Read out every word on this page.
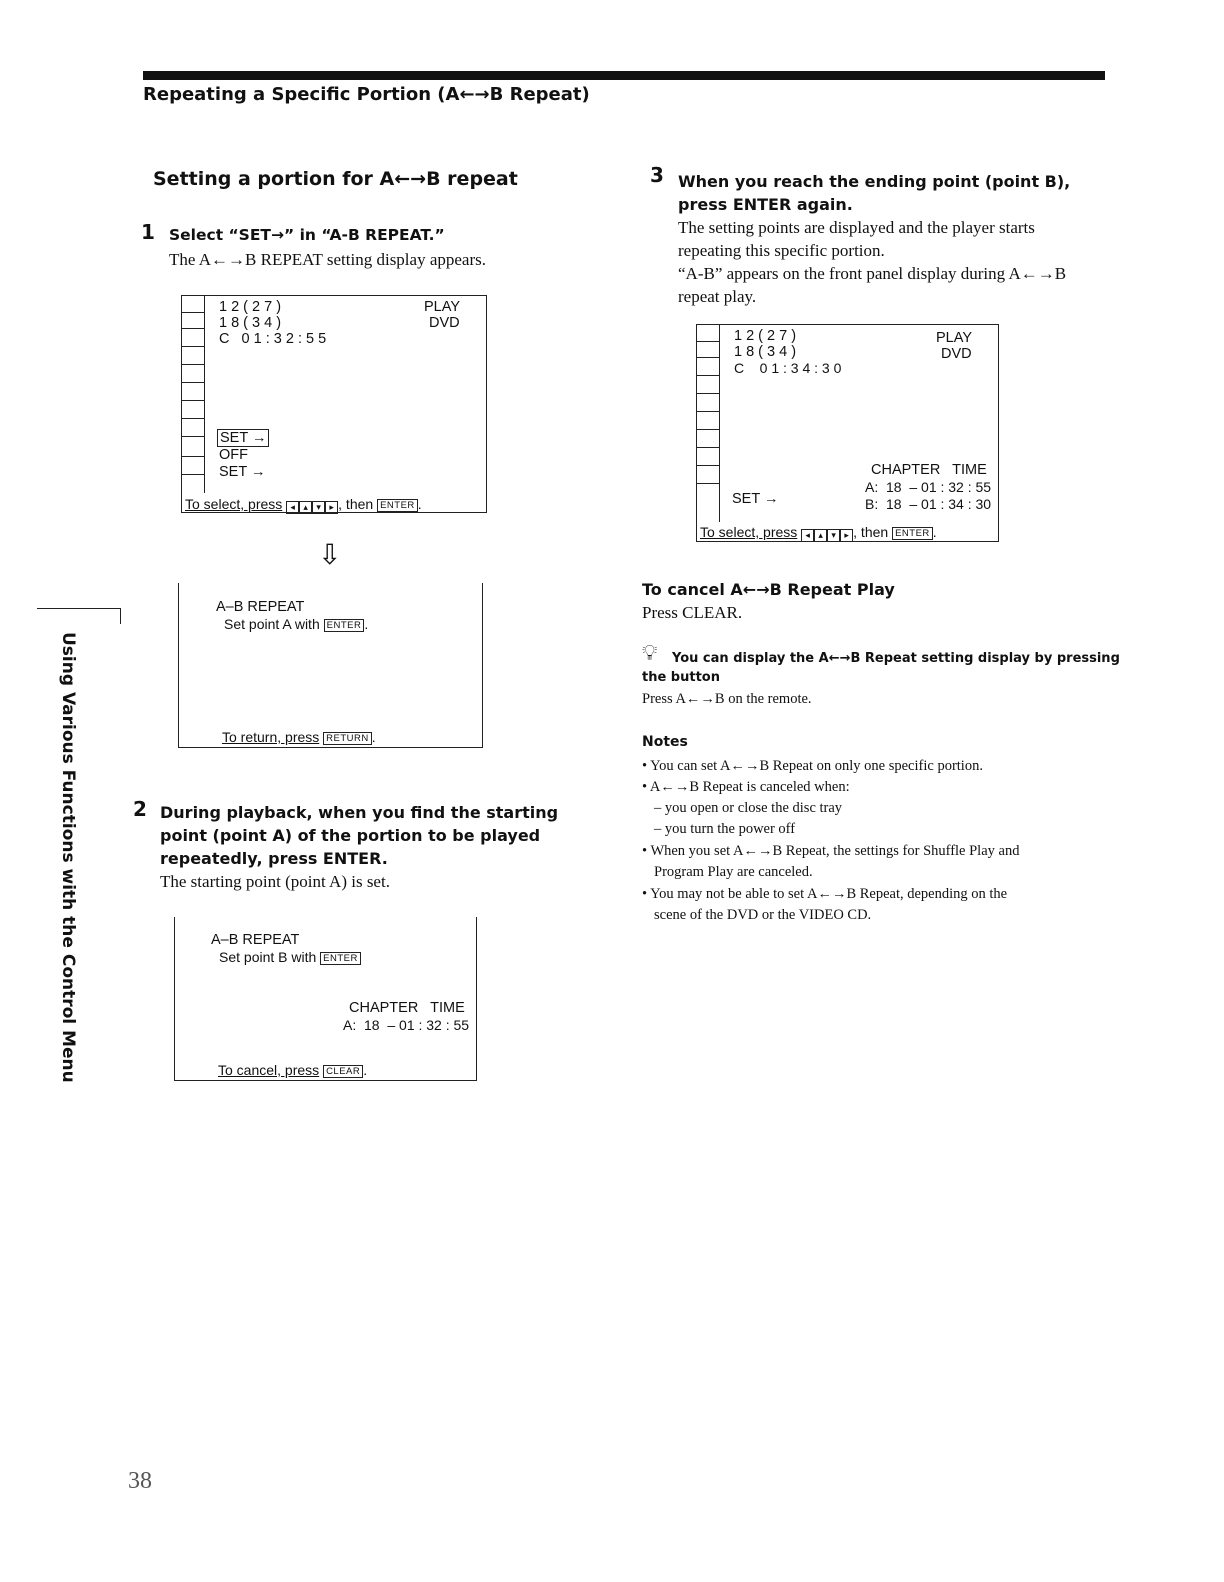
Repeating a Specific Portion (A←→B Repeat)
Using Various Functions with the Control Menu
Setting a portion for A←→B repeat
1 Select “SET→” in “A-B REPEAT.”
The A←→B REPEAT setting display appears.
1 2 ( 2 7 )	PLAY
1 8 ( 3 4 )	DVD
C   0 1 : 3 2 : 5 5
SET →
OFF
SET →
To select, press ◂ ▴ ▾ ▸ , then ENTER .
⇩
A–B REPEAT
Set point A with ENTER .
To return, press RETURN .
2 During playback, when you find the starting point (point A) of the portion to be played repeatedly, press ENTER.
The starting point (point A) is set.
A–B REPEAT
Set point B with ENTER
CHAPTER   TIME
A:  18  – 01 : 32 : 55
To cancel, press CLEAR .
3 When you reach the ending point (point B), press ENTER again.
The setting points are displayed and the player starts repeating this specific portion.
“A-B” appears on the front panel display during A←→B repeat play.
1 2 ( 2 7 )	PLAY
1 8 ( 3 4 )	DVD
C    0 1 : 3 4 : 3 0
CHAPTER   TIME
A:  18  – 01 : 32 : 55
B:  18  – 01 : 34 : 30
SET →
To select, press ◂ ▴ ▾ ▸ , then ENTER .
To cancel A←→B Repeat Play
Press CLEAR.
💡︎ You can display the A←→B Repeat setting display by pressing
the button
Press A←→B on the remote.
Notes
• You can set A←→B Repeat on only one specific portion.
• A←→B Repeat is canceled when:
– you open or close the disc tray
– you turn the power off
• When you set A←→B Repeat, the settings for Shuffle Play and
Program Play are canceled.
• You may not be able to set A←→B Repeat, depending on the
scene of the DVD or the VIDEO CD.
38
